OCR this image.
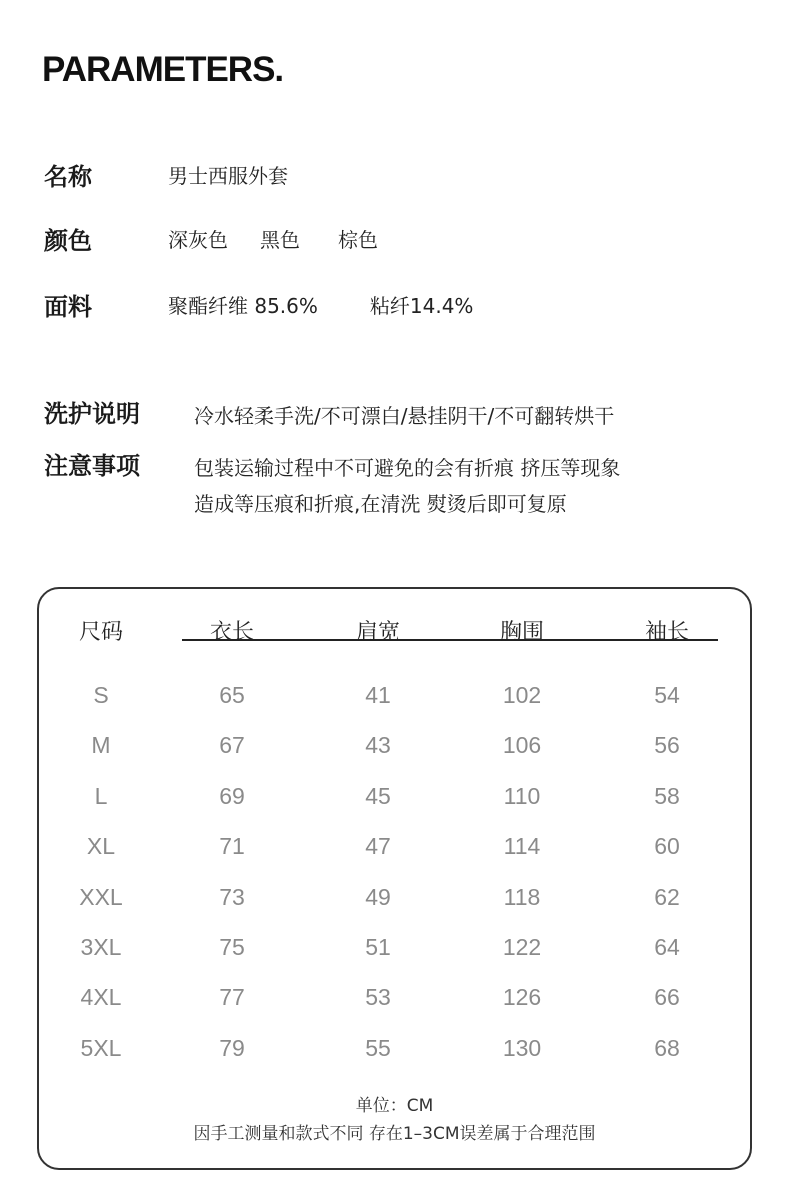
PARAMETERS.
名称	男士西服外套
颜色	深灰色 黑色 棕色
面料	聚酯纤维 85.6%	粘纤14.4%
洗护说明	冷水轻柔手洗/不可漂白/悬挂阴干/不可翻转烘干
注意事项	包装运输过程中不可避免的会有折痕 挤压等现象
造成等压痕和折痕,在清洗 熨烫后即可复原
尺码	衣长	肩宽	胸围	袖长
S	65	41	102	54
M	67	43	106	56
L	69	45	110	58
XL	71	47	114	60
XXL	73	49	118	62
3XL	75	51	122	64
4XL	77	53	126	66
5XL	79	55	130	68
单位：CM
因手工测量和款式不同 存在1–3CM误差属于合理范围
